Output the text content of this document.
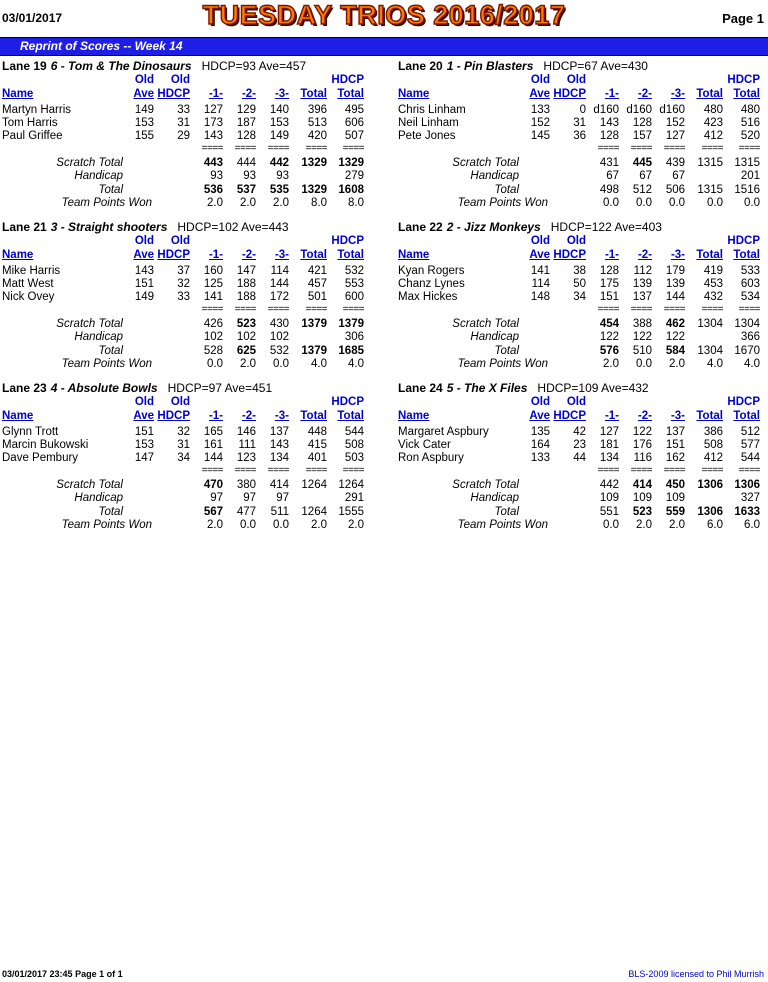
03/01/2017	TUESDAY TRIOS 2016/2017	Page 1
Reprint of Scores -- Week 14
Lane 19 6 - Tom & The Dinosaurs HDCP=93 Ave=457
Old Old	HDCP
Name	Ave HDCP -1- -2- -3- Total Total
Martyn Harris	149 33 127 129 140 396 495
Tom Harris	153 31 173 187 153 513 606
Paul Griffee	155 29 143 128 149 420 507
==== ==== ==== ==== ====
Scratch Total	443 444 442 1329 1329
Handicap	93 93 93	279
Total	536 537 535 1329 1608
Team Points Won	2.0 2.0 2.0 8.0 8.0
Lane 20 1 - Pin Blasters HDCP=67 Ave=430
Old Old	HDCP
Name	Ave HDCP -1- -2- -3- Total Total
Chris Linham	133	0 d160 d160 d160 480 480
Neil Linham	152 31 143 128 152 423 516
Pete Jones	145 36 128 157 127 412 520
==== ==== ==== ==== ====
Scratch Total	431 445 439 1315 1315
Handicap	67 67 67	201
Total	498 512 506 1315 1516
Team Points Won	0.0 0.0 0.0 0.0 0.0
Lane 21 3 - Straight shooters HDCP=102 Ave=443
Old Old	HDCP
Name	Ave HDCP -1- -2- -3- Total Total
Mike Harris	143 37 160 147 114 421 532
Matt West	151 32 125 188 144 457 553
Nick Ovey	149 33 141 188 172 501 600
==== ==== ==== ==== ====
Scratch Total	426 523 430 1379 1379
Handicap	102 102 102	306
Total	528 625 532 1379 1685
Team Points Won	0.0 2.0 0.0 4.0 4.0
Lane 22 2 - Jizz Monkeys HDCP=122 Ave=403
Old Old	HDCP
Name	Ave HDCP -1- -2- -3- Total Total
Kyan Rogers	141 38 128 112 179 419 533
Chanz Lynes	114 50 175 139 139 453 603
Max Hickes	148 34 151 137 144 432 534
==== ==== ==== ==== ====
Scratch Total	454 388 462 1304 1304
Handicap	122 122 122	366
Total	576 510 584 1304 1670
Team Points Won	2.0 0.0 2.0 4.0 4.0
Lane 23 4 - Absolute Bowls HDCP=97 Ave=451
Old Old	HDCP
Name	Ave HDCP -1- -2- -3- Total Total
Glynn Trott	151 32 165 146 137 448 544
Marcin Bukowski	153 31 161 111 143 415 508
Dave Pembury	147 34 144 123 134 401 503
==== ==== ==== ==== ====
Scratch Total	470 380 414 1264 1264
Handicap	97 97 97	291
Total	567 477 511 1264 1555
Team Points Won	2.0 0.0 0.0 2.0 2.0
Lane 24 5 - The X Files HDCP=109 Ave=432
Old Old	HDCP
Name	Ave HDCP -1- -2- -3- Total Total
Margaret Aspbury	135 42 127 122 137 386 512
Vick Cater	164 23 181 176 151 508 577
Ron Aspbury	133 44 134 116 162 412 544
==== ==== ==== ==== ====
Scratch Total	442 414 450 1306 1306
Handicap	109 109 109	327
Total	551 523 559 1306 1633
Team Points Won	0.0 2.0 2.0 6.0 6.0
03/01/2017 23:45 Page 1 of 1	BLS-2009 licensed to Phil Murrish
